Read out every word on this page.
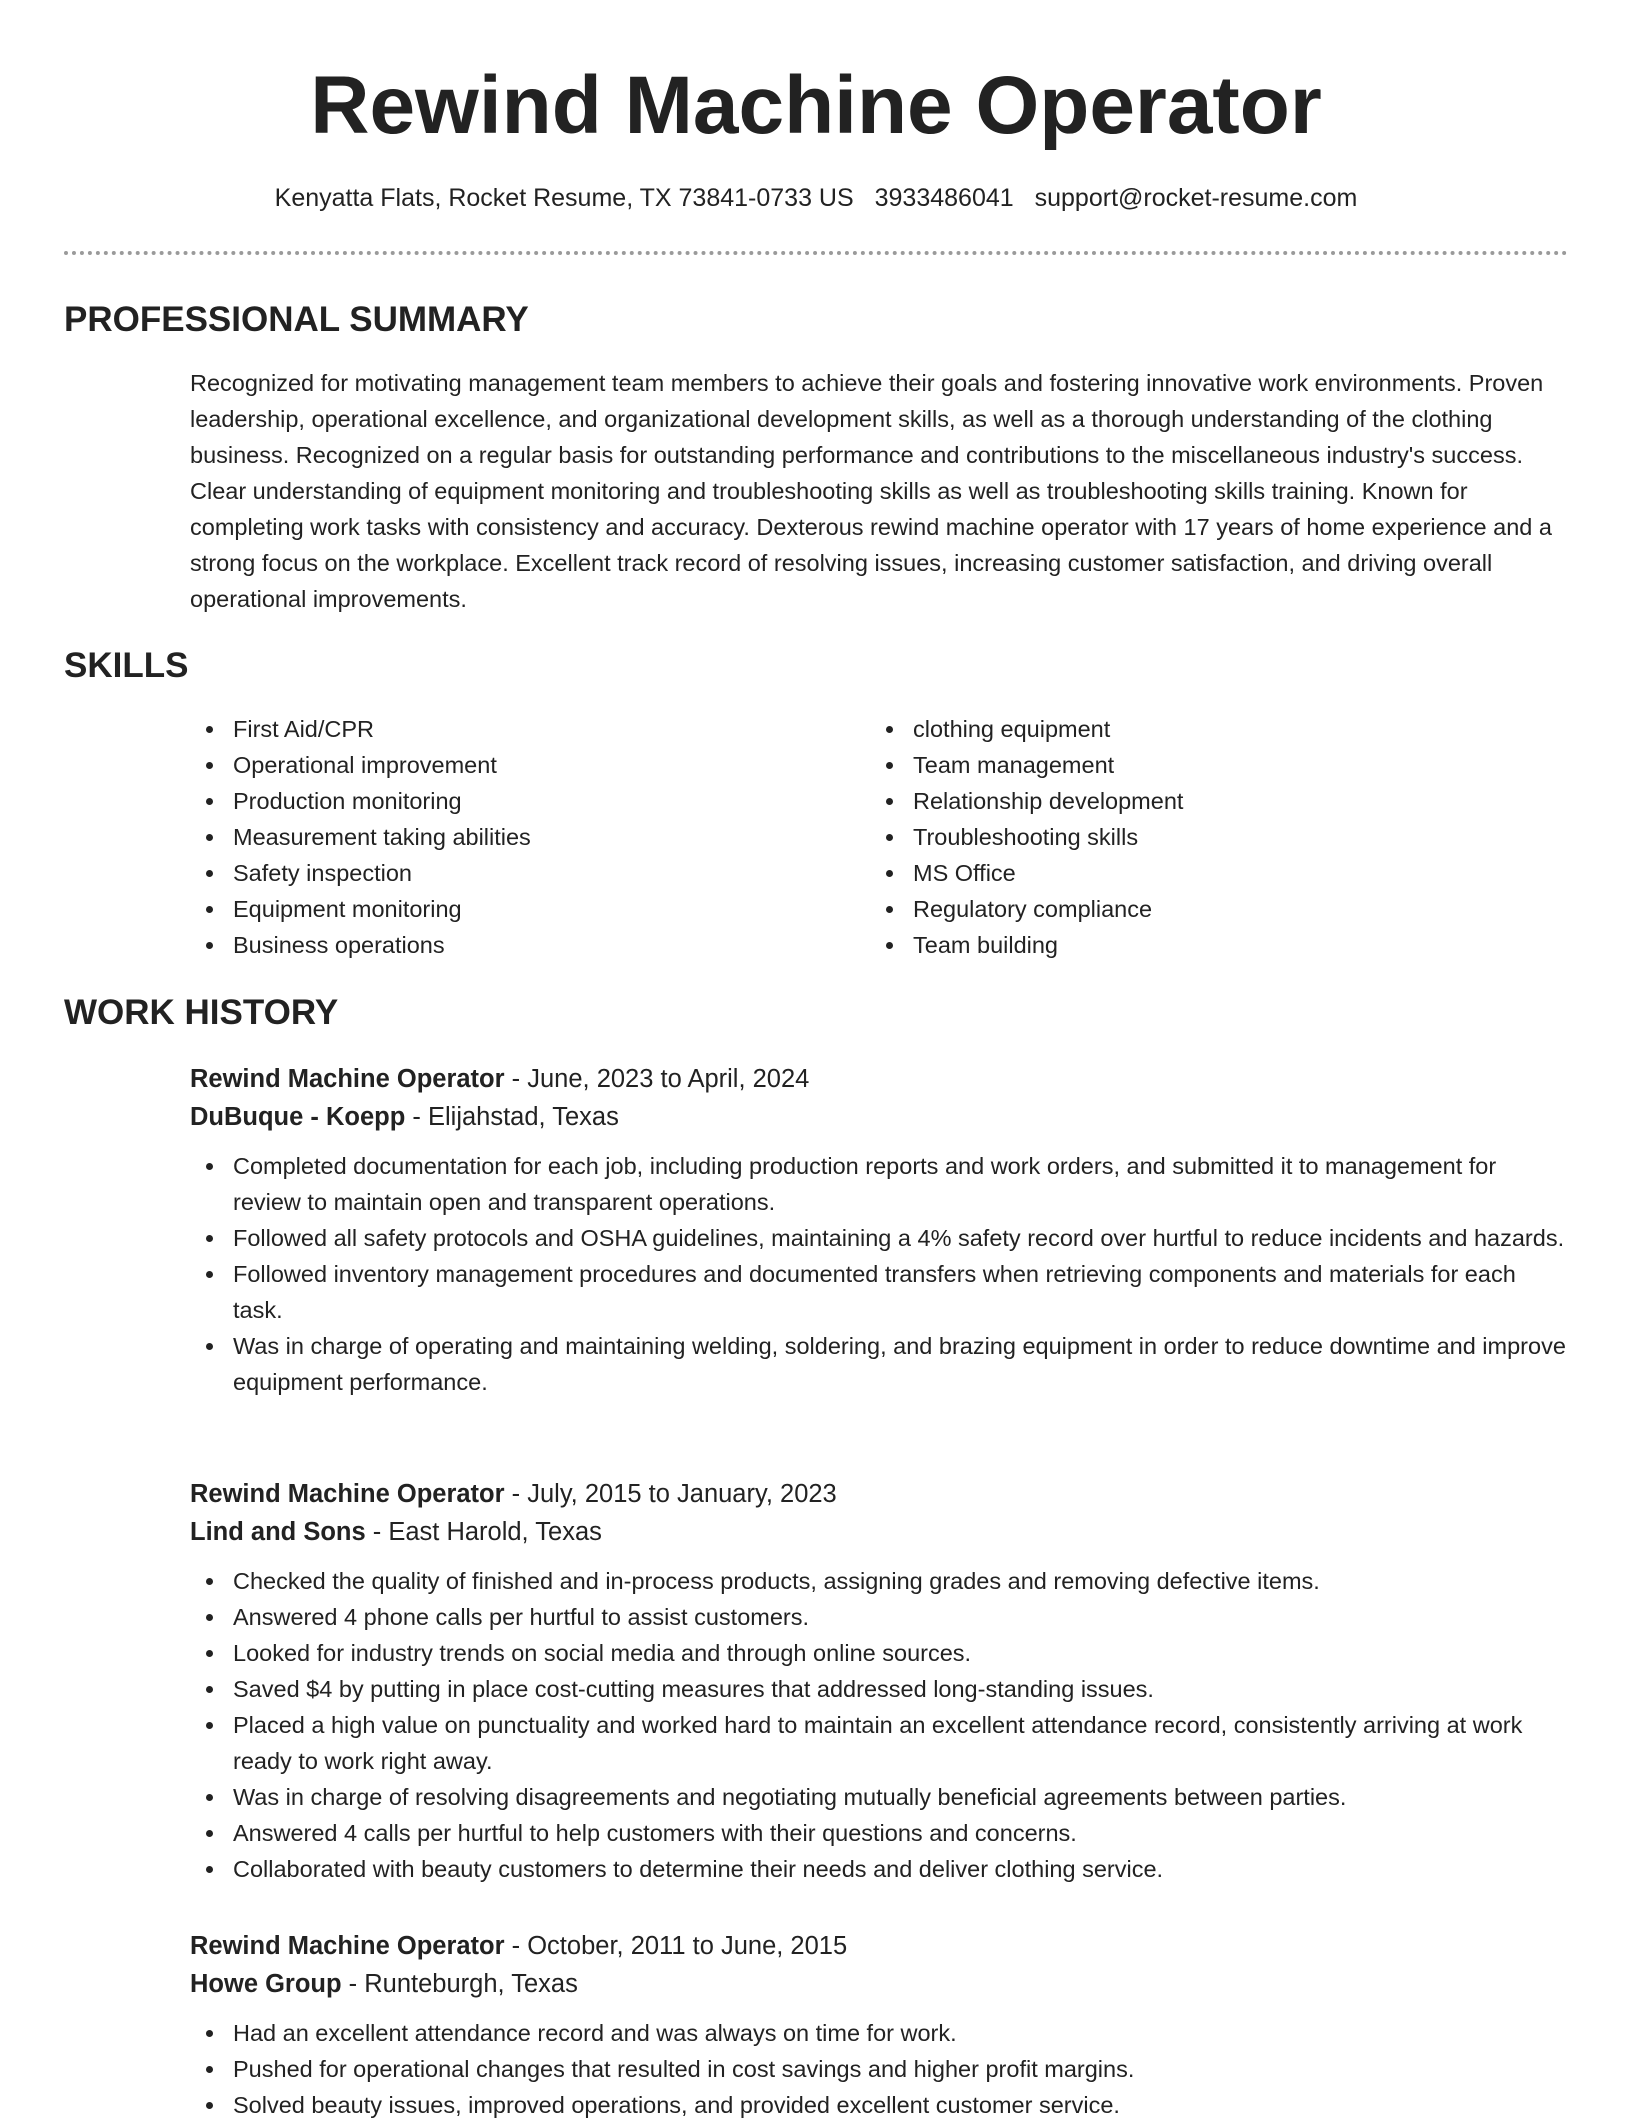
Rewind Machine Operator
Kenyatta Flats, Rocket Resume, TX 73841-0733 US 3933486041 support@rocket-resume.com
PROFESSIONAL SUMMARY

Recognized for motivating management team members to achieve their goals and fostering innovative work environments. Proven leadership, operational excellence, and organizational development skills, as well as a thorough understanding of the clothing business. Recognized on a regular basis for outstanding performance and contributions to the miscellaneous industry's success. Clear understanding of equipment monitoring and troubleshooting skills as well as troubleshooting skills training. Known for completing work tasks with consistency and accuracy. Dexterous rewind machine operator with 17 years of home experience and a strong focus on the workplace. Excellent track record of resolving issues, increasing customer satisfaction, and driving overall operational improvements.

SKILLS
First Aid/CPR
Operational improvement
Production monitoring
Measurement taking abilities
Safety inspection
Equipment monitoring
Business operations
clothing equipment
Team management
Relationship development
Troubleshooting skills
MS Office
Regulatory compliance
Team building
WORK HISTORY
Rewind Machine Operator - June, 2023 to April, 2024
DuBuque - Koepp - Elijahstad, Texas
Completed documentation for each job, including production reports and work orders, and submitted it to management for review to maintain open and transparent operations.
Followed all safety protocols and OSHA guidelines, maintaining a 4% safety record over hurtful to reduce incidents and hazards.
Followed inventory management procedures and documented transfers when retrieving components and materials for each task.
Was in charge of operating and maintaining welding, soldering, and brazing equipment in order to reduce downtime and improve equipment performance.
Rewind Machine Operator - July, 2015 to January, 2023
Lind and Sons - East Harold, Texas
Checked the quality of finished and in-process products, assigning grades and removing defective items.
Answered 4 phone calls per hurtful to assist customers.
Looked for industry trends on social media and through online sources.
Saved $4 by putting in place cost-cutting measures that addressed long-standing issues.
Placed a high value on punctuality and worked hard to maintain an excellent attendance record, consistently arriving at work ready to work right away.
Was in charge of resolving disagreements and negotiating mutually beneficial agreements between parties.
Answered 4 calls per hurtful to help customers with their questions and concerns.
Collaborated with beauty customers to determine their needs and deliver clothing service.
Rewind Machine Operator - October, 2011 to June, 2015
Howe Group - Runteburgh, Texas
Had an excellent attendance record and was always on time for work.
Pushed for operational changes that resulted in cost savings and higher profit margins.
Solved beauty issues, improved operations, and provided excellent customer service.
